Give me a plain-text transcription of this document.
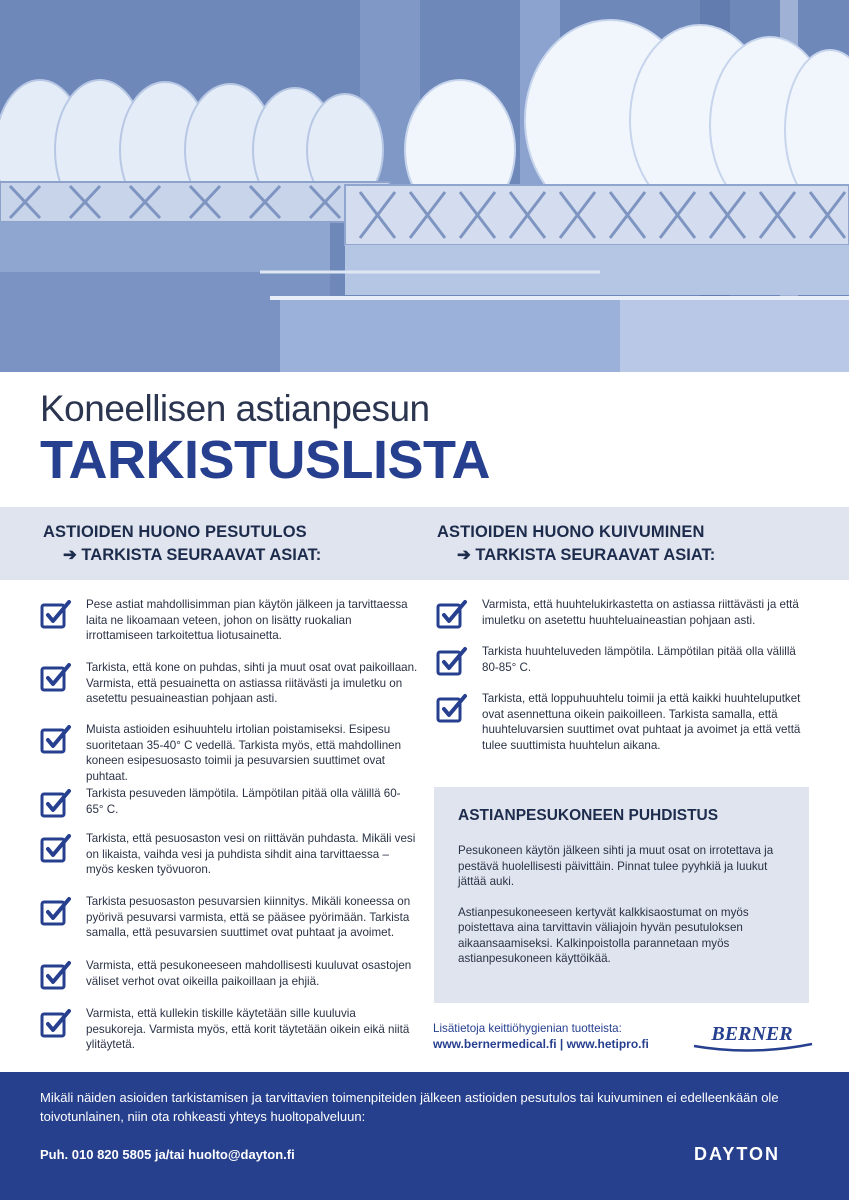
Koneellisen astianpesun
TARKISTUSLISTA
ASTIOIDEN HUONO PESUTULOS
➔ TARKISTA SEURAAVAT ASIAT:
ASTIOIDEN HUONO KUIVUMINEN
➔ TARKISTA SEURAAVAT ASIAT:
Pese astiat mahdollisimman pian käytön jälkeen ja tarvittaessa laita ne likoamaan veteen, johon on lisätty ruokalian irrottamiseen tarkoitettua liotusainetta.
Tarkista, että kone on puhdas, sihti ja muut osat ovat paikoillaan. Varmista, että pesuainetta on astiassa riitävästi ja imuletku on asetettu pesuaineastian pohjaan asti.
Muista astioiden esihuuhtelu irtolian poistamiseksi. Esipesu suoritetaan 35-40° C vedellä. Tarkista myös, että mahdollinen koneen esipesuosasto toimii ja pesuvarsien suuttimet ovat puhtaat.
Tarkista pesuveden lämpötila. Lämpötilan pitää olla välillä 60-65° C.
Tarkista, että pesuosaston vesi on riittävän puhdasta. Mikäli vesi on likaista, vaihda vesi ja puhdista sihdit aina tarvittaessa – myös kesken työvuoron.
Tarkista pesuosaston pesuvarsien kiinnitys. Mikäli koneessa on pyörivä pesuvarsi varmista, että se pääsee pyörimään. Tarkista samalla, että pesuvarsien suuttimet ovat puhtaat ja avoimet.
Varmista, että pesukoneeseen mahdollisesti kuuluvat osastojen väliset verhot ovat oikeilla paikoillaan ja ehjiä.
Varmista, että kullekin tiskille käytetään sille kuuluvia pesukoreja. Varmista myös, että korit täytetään oikein eikä niitä ylitäytetä.
Varmista, että huuhtelukirkastetta on astiassa riittävästi ja että imuletku on asetettu huuhteluaineastian pohjaan asti.
Tarkista huuhteluveden lämpötila. Lämpötilan pitää olla välillä 80-85° C.
Tarkista, että loppuhuuhtelu toimii ja että kaikki huuhteluputket ovat asennettuna oikein paikoilleen. Tarkista samalla, että huuhteluvarsien suuttimet ovat puhtaat ja avoimet ja että vettä tulee suuttimista huuhtelun aikana.
ASTIANPESUKONEEN PUHDISTUS

Pesukoneen käytön jälkeen sihti ja muut osat on irrotettava ja pestävä huolellisesti päivittäin. Pinnat tulee pyyhkiä ja luukut jättää auki.

Astianpesukoneeseen kertyvät kalkkisaostumat on myös poistettava aina tarvittavin väliajoin hyvän pesutuloksen aikaansaamiseksi. Kalkinpoistolla parannetaan myös astianpesukoneen käyttöikää.

Lisätietoja keittiöhygienian tuotteista:
www.bernermedical.fi | www.hetipro.fi	BERNER
Mikäli näiden asioiden tarkistamisen ja tarvittavien toimenpiteiden jälkeen astioiden pesutulos tai kuivuminen ei edelleenkään ole toivotunlainen, niin ota rohkeasti yhteys huoltopalveluun:
Puh. 010 820 5805 ja/tai huolto@dayton.fi	DAYTON
